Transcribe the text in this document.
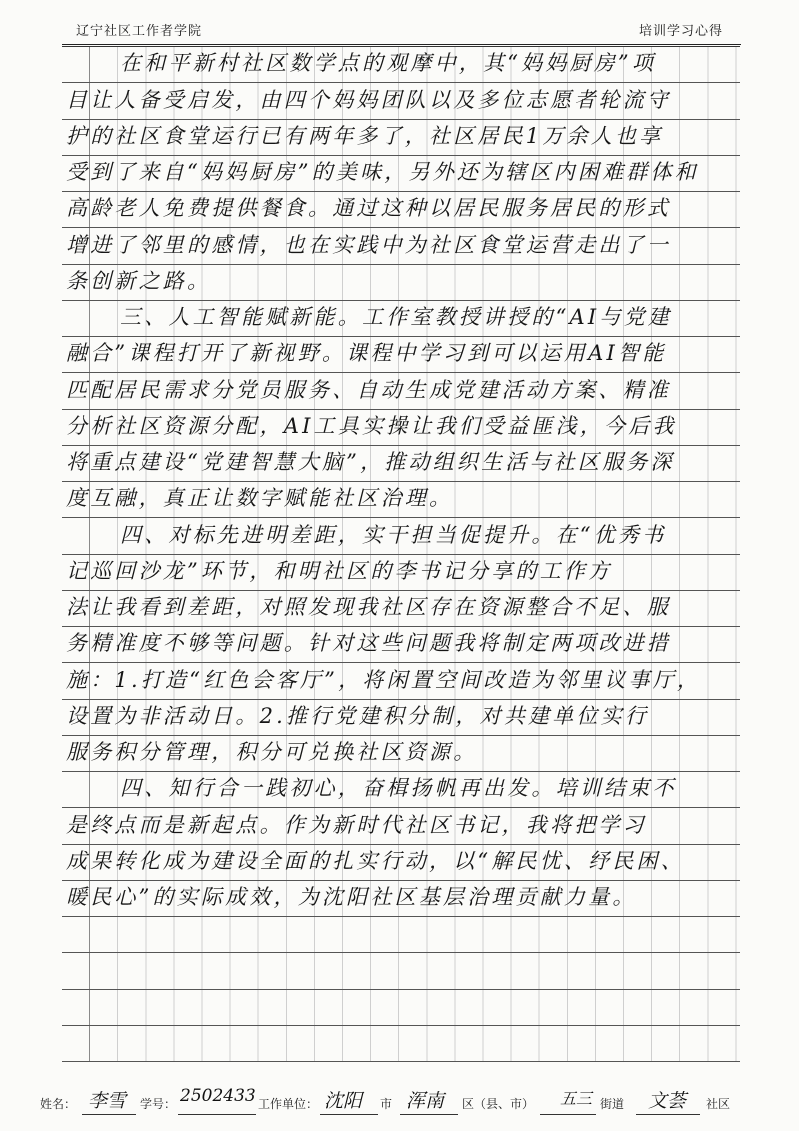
辽宁社区工作者学院	培训学习心得
在和平新村社区数学点的观摩中，其“妈妈厨房”项
目让人备受启发，由四个妈妈团队以及多位志愿者轮流守
护的社区食堂运行已有两年多了，社区居民1万余人也享
受到了来自“妈妈厨房”的美味，另外还为辖区内困难群体和
高龄老人免费提供餐食。通过这种以居民服务居民的形式
增进了邻里的感情，也在实践中为社区食堂运营走出了一
条创新之路。
三、人工智能赋新能。工作室教授讲授的“AI与党建
融合”课程打开了新视野。课程中学习到可以运用AI智能
匹配居民需求分党员服务、自动生成党建活动方案、精准
分析社区资源分配，AI工具实操让我们受益匪浅，今后我
将重点建设“党建智慧大脑”，推动组织生活与社区服务深
度互融，真正让数字赋能社区治理。
四、对标先进明差距，实干担当促提升。在“优秀书
记巡回沙龙”环节，和明社区的李书记分享的工作方
法让我看到差距，对照发现我社区存在资源整合不足、服
务精准度不够等问题。针对这些问题我将制定两项改进措
施：1.打造“红色会客厅”，将闲置空间改造为邻里议事厅，
设置为非活动日。2.推行党建积分制，对共建单位实行
服务积分管理，积分可兑换社区资源。
四、知行合一践初心，奋楫扬帆再出发。培训结束不
是终点而是新起点。作为新时代社区书记，我将把学习
成果转化成为建设全面的扎实行动，以“解民忧、纾民困、
暖民心”的实际成效，为沈阳社区基层治理贡献力量。
姓名： 李雪 学号： 2502433 工作单位： 沈阳 市 浑南 区（县、市） 五三 街道 文荟 社区
